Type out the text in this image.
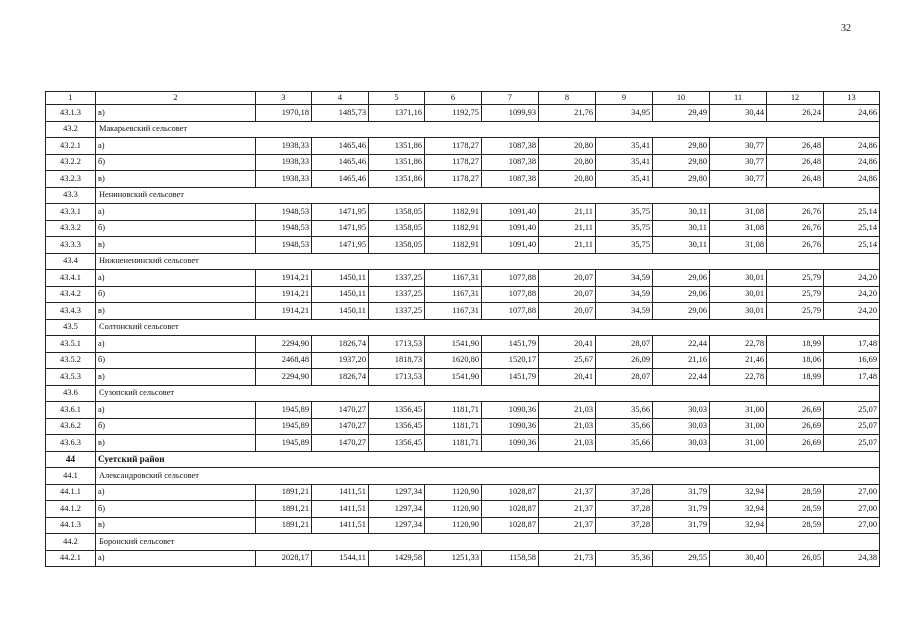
32
1	2	3	4	5	6	7	8	9	10	11	12	13
43.1.3	в)	1970,18	1485,73	1371,16	1192,75	1099,93	21,76	34,95	29,49	30,44	26,24	24,66
43.2	Макарьевский сельсовет											
43.2.1	а)	1938,33	1465,46	1351,86	1178,27	1087,38	20,80	35,41	29,80	30,77	26,48	24,86
43.2.2	б)	1938,33	1465,46	1351,86	1178,27	1087,38	20,80	35,41	29,80	30,77	26,48	24,86
43.2.3	в)	1938,33	1465,46	1351,86	1178,27	1087,38	20,80	35,41	29,80	30,77	26,48	24,86
43.3	Нениновский сельсовет											
43.3.1	а)	1948,53	1471,95	1358,05	1182,91	1091,40	21,11	35,75	30,11	31,08	26,76	25,14
43.3.2	б)	1948,53	1471,95	1358,05	1182,91	1091,40	21,11	35,75	30,11	31,08	26,76	25,14
43.3.3	в)	1948,53	1471,95	1358,05	1182,91	1091,40	21,11	35,75	30,11	31,08	26,76	25,14
43.4	Нижнененинский сельсовет											
43.4.1	а)	1914,21	1450,11	1337,25	1167,31	1077,88	20,07	34,59	29,06	30,01	25,79	24,20
43.4.2	б)	1914,21	1450,11	1337,25	1167,31	1077,88	20,07	34,59	29,06	30,01	25,79	24,20
43.4.3	в)	1914,21	1450,11	1337,25	1167,31	1077,88	20,07	34,59	29,06	30,01	25,79	24,20
43.5	Солтонский сельсовет											
43.5.1	а)	2294,90	1826,74	1713,53	1541,90	1451,79	20,41	28,07	22,44	22,78	18,99	17,48
43.5.2	б)	2468,48	1937,20	1818,73	1620,80	1520,17	25,67	26,09	21,16	21,46	18,06	16,69
43.5.3	в)	2294,90	1826,74	1713,53	1541,90	1451,79	20,41	28,07	22,44	22,78	18,99	17,48
43.6	Сузопский сельсовет											
43.6.1	а)	1945,89	1470,27	1356,45	1181,71	1090,36	21,03	35,66	30,03	31,00	26,69	25,07
43.6.2	б)	1945,89	1470,27	1356,45	1181,71	1090,36	21,03	35,66	30,03	31,00	26,69	25,07
43.6.3	в)	1945,89	1470,27	1356,45	1181,71	1090,36	21,03	35,66	30,03	31,00	26,69	25,07
44	Суетский район											
44.1	Александровский сельсовет											
44.1.1	а)	1891,21	1411,51	1297,34	1120,90	1028,87	21,37	37,28	31,79	32,94	28,59	27,00
44.1.2	б)	1891,21	1411,51	1297,34	1120,90	1028,87	21,37	37,28	31,79	32,94	28,59	27,00
44.1.3	в)	1891,21	1411,51	1297,34	1120,90	1028,87	21,37	37,28	31,79	32,94	28,59	27,00
44.2	Боронский сельсовет											
44.2.1	а)	2028,17	1544,11	1429,58	1251,33	1158,58	21,73	35,36	29,55	30,40	26,05	24,38
